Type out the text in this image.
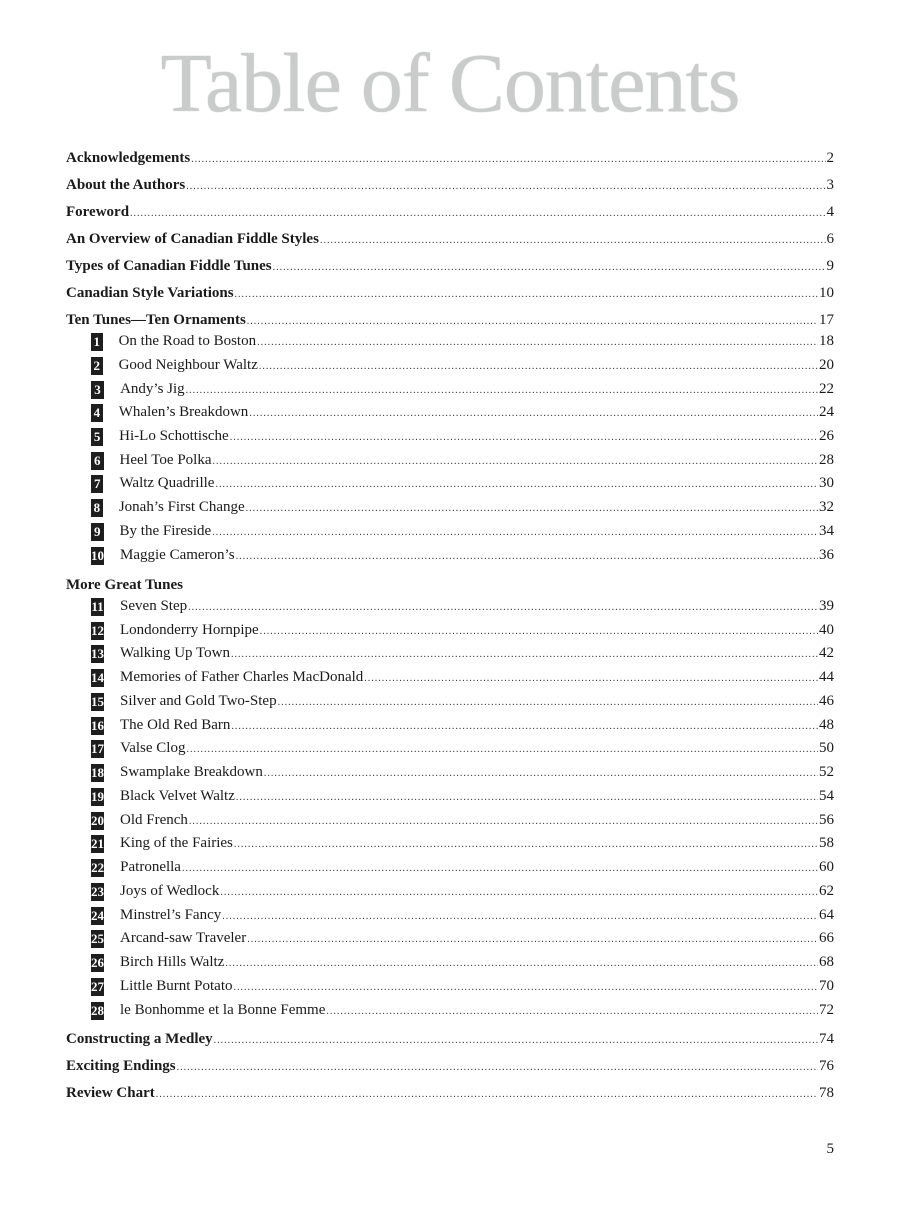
Table of Contents
Acknowledgements .....	2
About the Authors .....	3
Foreword .....	4
An Overview of Canadian Fiddle Styles .....	6
Types of Canadian Fiddle Tunes .....	9
Canadian Style Variations .....	10
Ten Tunes—Ten Ornaments .....	17
1 On the Road to Boston .....	18
2 Good Neighbour Waltz .....	20
3 Andy’s Jig .....	22
4 Whalen’s Breakdown .....	24
5 Hi-Lo Schottische .....	26
6 Heel Toe Polka .....	28
7 Waltz Quadrille .....	30
8 Jonah’s First Change .....	32
9 By the Fireside .....	34
10 Maggie Cameron’s .....	36
More Great Tunes
11 Seven Step .....	39
12 Londonderry Hornpipe .....	40
13 Walking Up Town .....	42
14 Memories of Father Charles MacDonald .....	44
15 Silver and Gold Two-Step .....	46
16 The Old Red Barn .....	48
17 Valse Clog .....	50
18 Swamplake Breakdown .....	52
19 Black Velvet Waltz .....	54
20 Old French .....	56
21 King of the Fairies .....	58
22 Patronella .....	60
23 Joys of Wedlock .....	62
24 Minstrel’s Fancy .....	64
25 Arcand-saw Traveler .....	66
26 Birch Hills Waltz .....	68
27 Little Burnt Potato .....	70
28 le Bonhomme et la Bonne Femme .....	72
Constructing a Medley .....	74
Exciting Endings .....	76
Review Chart .....	78
5
